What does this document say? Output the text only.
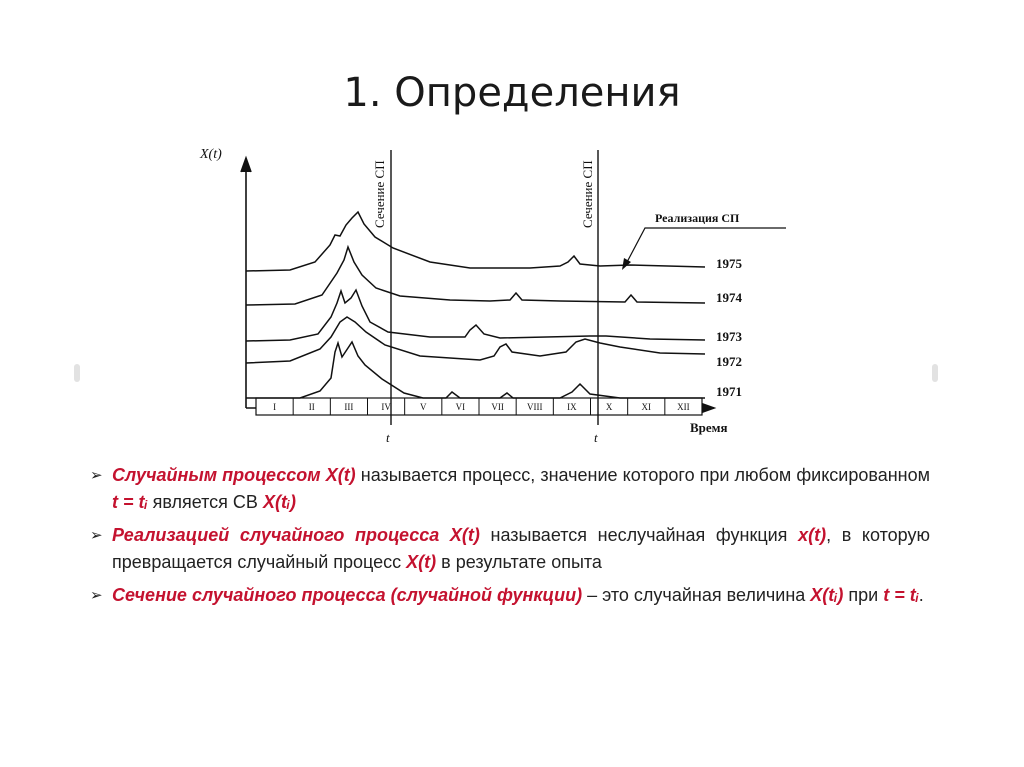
1. Определения
X(t)
Время
I	II	III	IV	V	VI	VII	VIII	IX	X	XI	XII
Сечение СП	Сечение СП
t	t
Реализация СП
1975
1974
1973
1972
1971
➢ Случайным процессом X(t) называется процесс, значение которого при любом фиксированном t = tᵢ является СВ X(tᵢ)
➢ Реализацией случайного процесса X(t) называется неслучайная функция x(t), в которую превращается случайный процесс X(t) в результате опыта
➢ Сечение случайного процесса (случайной функции) – это случайная величина X(tᵢ) при t = tᵢ.
